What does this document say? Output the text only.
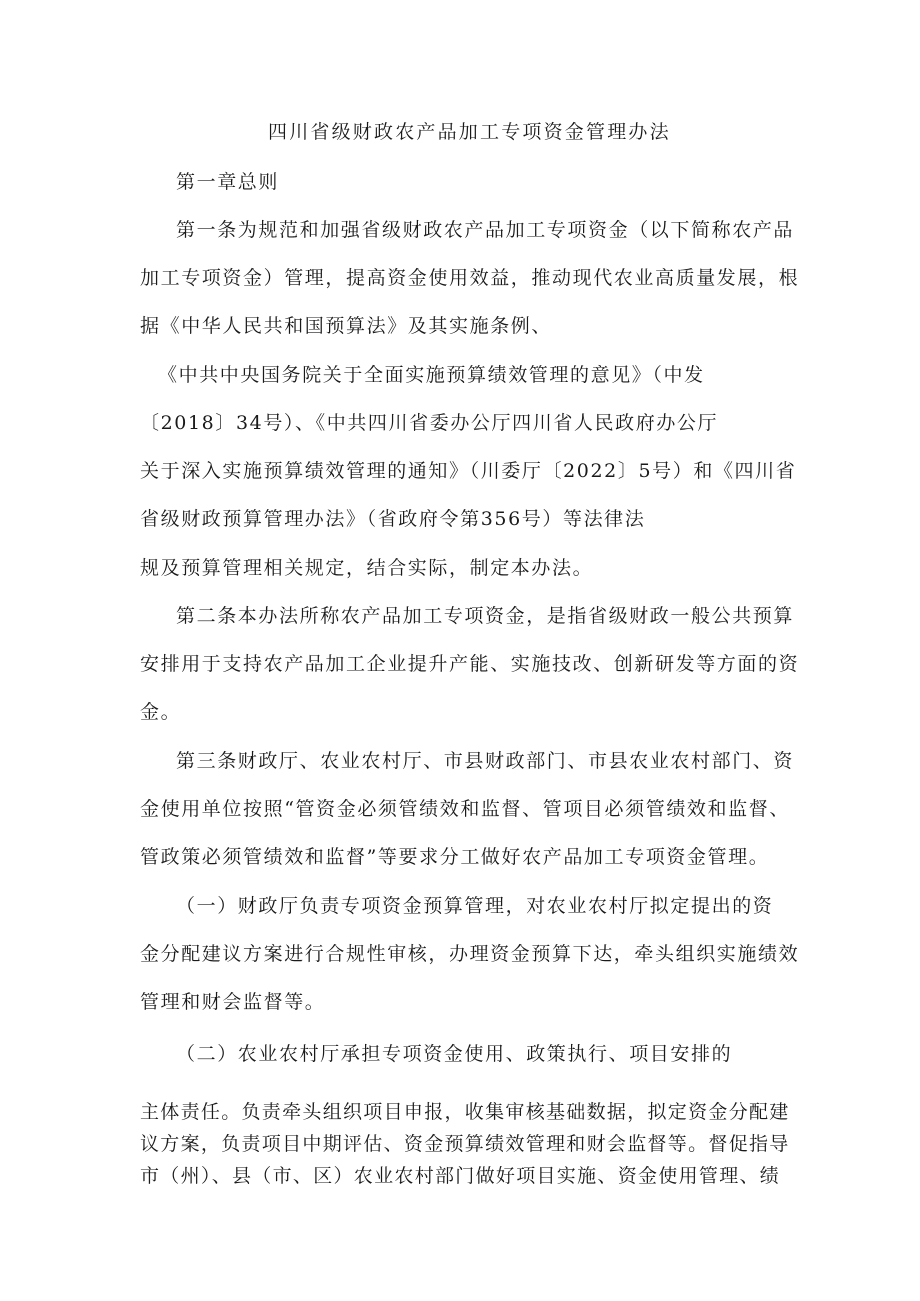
四川省级财政农产品加工专项资金管理办法
第一章总则
第一条为规范和加强省级财政农产品加工专项资金（以下简称农产品
加工专项资金）管理，提高资金使用效益，推动现代农业高质量发展，根
据《中华人民共和国预算法》及其实施条例、
《中共中央国务院关于全面实施预算绩效管理的意见》（中发
〔2018〕34号）、《中共四川省委办公厅四川省人民政府办公厅
关于深入实施预算绩效管理的通知》（川委厅〔2022〕5号）和《四川省
省级财政预算管理办法》（省政府令第356号）等法律法
规及预算管理相关规定，结合实际，制定本办法。
第二条本办法所称农产品加工专项资金，是指省级财政一般公共预算
安排用于支持农产品加工企业提升产能、实施技改、创新研发等方面的资
金。
第三条财政厅、农业农村厅、市县财政部门、市县农业农村部门、资
金使用单位按照“管资金必须管绩效和监督、管项目必须管绩效和监督、
管政策必须管绩效和监督”等要求分工做好农产品加工专项资金管理。
（一）财政厅负责专项资金预算管理，对农业农村厅拟定提出的资
金分配建议方案进行合规性审核，办理资金预算下达，牵头组织实施绩效
管理和财会监督等。
（二）农业农村厅承担专项资金使用、政策执行、项目安排的
主体责任。负责牵头组织项目申报，收集审核基础数据，拟定资金分配建
议方案，负责项目中期评估、资金预算绩效管理和财会监督等。督促指导
市（州）、县（市、区）农业农村部门做好项目实施、资金使用管理、绩
